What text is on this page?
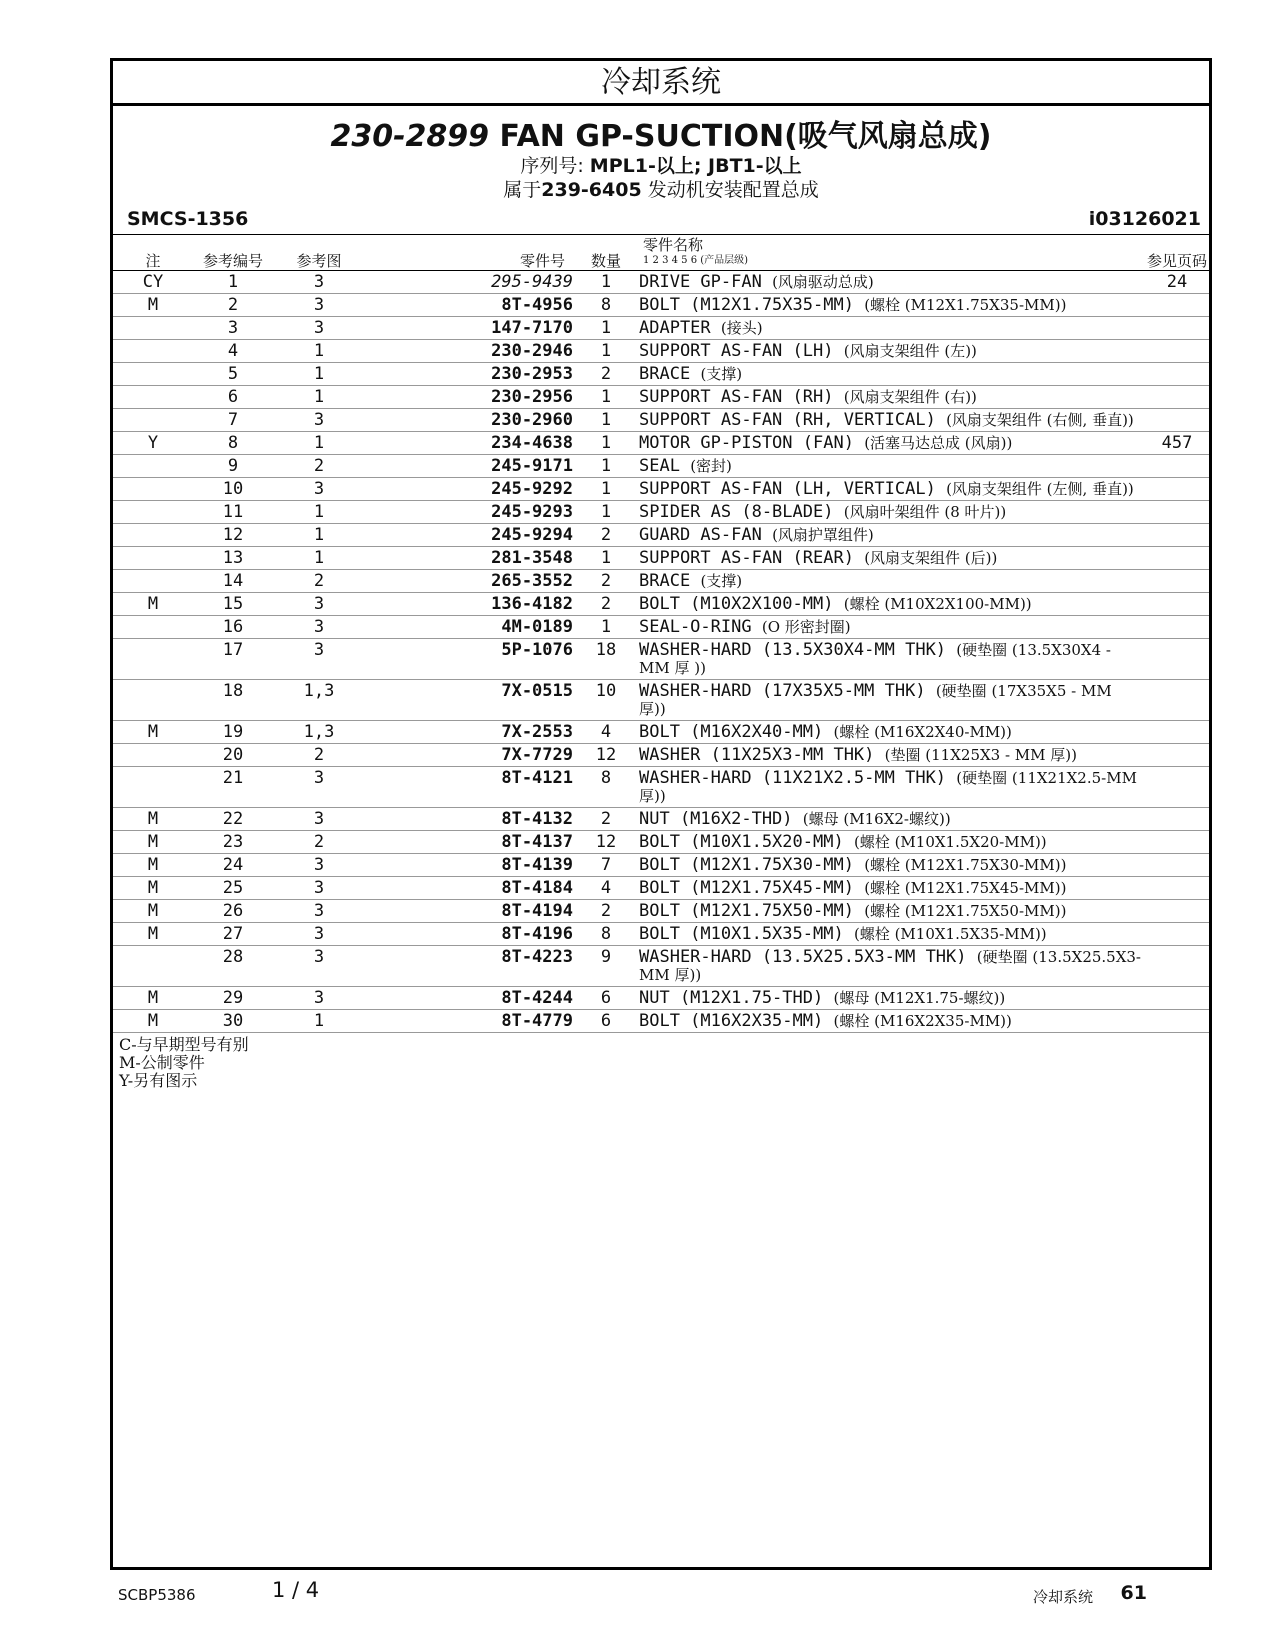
冷却系统
230-2899 FAN GP-SUCTION(吸气风扇总成)
序列号: MPL1-以上; JBT1-以上
属于239-6405 发动机安装配置总成
SMCS-1356	i03126021
注	参考编号	参考图	零件号	数量	零件名称
1 2 3 4 5 6 (产品层级)	参见页码
CY	1	3	295-9439	1	DRIVE GP-FAN (风扇驱动总成)	24
M	2	3	8T-4956	8	BOLT (M12X1.75X35-MM) (螺栓 (M12X1.75X35-MM))	
	3	3	147-7170	1	ADAPTER (接头)	
	4	1	230-2946	1	SUPPORT AS-FAN (LH) (风扇支架组件 (左))	
	5	1	230-2953	2	BRACE (支撑)	
	6	1	230-2956	1	SUPPORT AS-FAN (RH) (风扇支架组件 (右))	
	7	3	230-2960	1	SUPPORT AS-FAN (RH, VERTICAL) (风扇支架组件 (右侧, 垂直))	
Y	8	1	234-4638	1	MOTOR GP-PISTON (FAN) (活塞马达总成 (风扇))	457
	9	2	245-9171	1	SEAL (密封)	
	10	3	245-9292	1	SUPPORT AS-FAN (LH, VERTICAL) (风扇支架组件 (左侧, 垂直))	
	11	1	245-9293	1	SPIDER AS (8-BLADE) (风扇叶架组件 (8 叶片))	
	12	1	245-9294	2	GUARD AS-FAN (风扇护罩组件)	
	13	1	281-3548	1	SUPPORT AS-FAN (REAR) (风扇支架组件 (后))	
	14	2	265-3552	2	BRACE (支撑)	
M	15	3	136-4182	2	BOLT (M10X2X100-MM) (螺栓 (M10X2X100-MM))	
	16	3	4M-0189	1	SEAL-O-RING (O 形密封圈)	
	17	3	5P-1076	18	WASHER-HARD (13.5X30X4-MM THK) (硬垫圈 (13.5X30X4 - MM 厚 ))	
	18	1,3	7X-0515	10	WASHER-HARD (17X35X5-MM THK) (硬垫圈 (17X35X5 - MM 厚))	
M	19	1,3	7X-2553	4	BOLT (M16X2X40-MM) (螺栓 (M16X2X40-MM))	
	20	2	7X-7729	12	WASHER (11X25X3-MM THK) (垫圈 (11X25X3 - MM 厚))	
	21	3	8T-4121	8	WASHER-HARD (11X21X2.5-MM THK) (硬垫圈 (11X21X2.5-MM 厚))	
M	22	3	8T-4132	2	NUT (M16X2-THD) (螺母 (M16X2-螺纹))	
M	23	2	8T-4137	12	BOLT (M10X1.5X20-MM) (螺栓 (M10X1.5X20-MM))	
M	24	3	8T-4139	7	BOLT (M12X1.75X30-MM) (螺栓 (M12X1.75X30-MM))	
M	25	3	8T-4184	4	BOLT (M12X1.75X45-MM) (螺栓 (M12X1.75X45-MM))	
M	26	3	8T-4194	2	BOLT (M12X1.75X50-MM) (螺栓 (M12X1.75X50-MM))	
M	27	3	8T-4196	8	BOLT (M10X1.5X35-MM) (螺栓 (M10X1.5X35-MM))	
	28	3	8T-4223	9	WASHER-HARD (13.5X25.5X3-MM THK) (硬垫圈 (13.5X25.5X3-MM 厚))	
M	29	3	8T-4244	6	NUT (M12X1.75-THD) (螺母 (M12X1.75-螺纹))	
M	30	1	8T-4779	6	BOLT (M16X2X35-MM) (螺栓 (M16X2X35-MM))	
C-与早期型号有别
M-公制零件
Y-另有图示
SCBP5386	1 / 4	冷却系统 61
